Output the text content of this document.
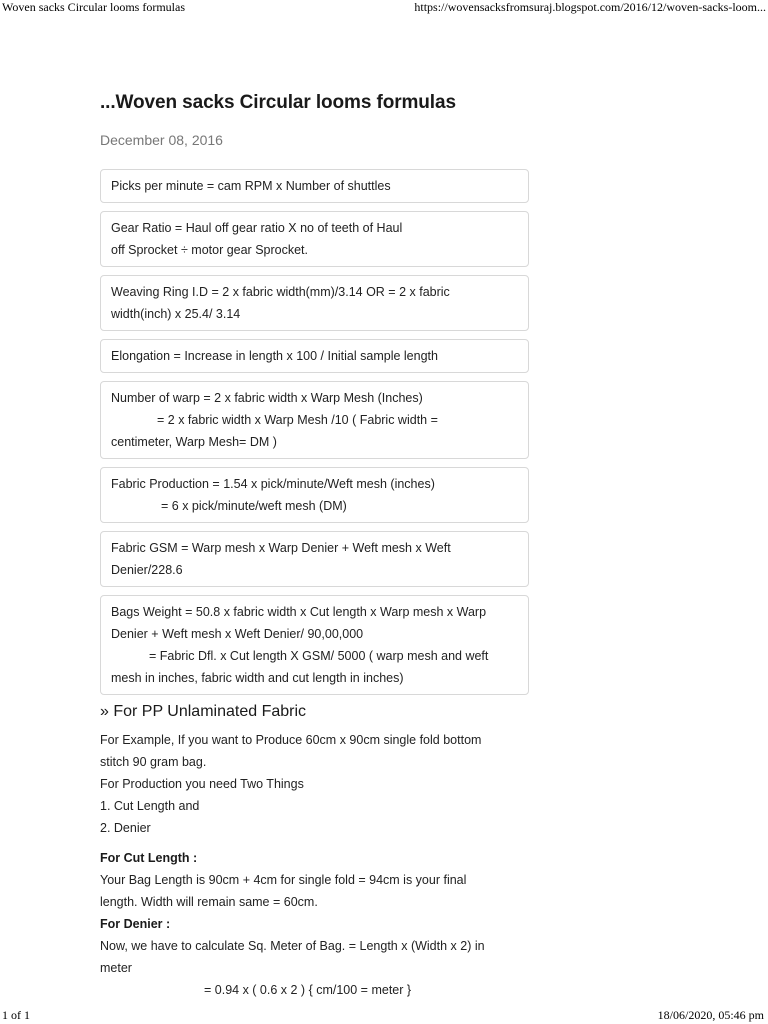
Woven sacks Circular looms formulas	https://wovensacksfromsuraj.blogspot.com/2016/12/woven-sacks-loom...
...Woven sacks Circular looms formulas
December 08, 2016
Picks per minute = cam RPM x Number of shuttles
Gear Ratio = Haul off gear ratio X no of teeth of Haul
off Sprocket ÷ motor gear Sprocket.
Weaving Ring I.D = 2 x fabric width(mm)/3.14 OR = 2 x fabric
width(inch) x 25.4/ 3.14
Elongation = Increase in length x 100 / Initial sample length
Number of warp = 2 x fabric width x Warp Mesh (Inches)
= 2 x fabric width x Warp Mesh /10 ( Fabric width =
centimeter, Warp Mesh= DM )
Fabric Production = 1.54 x pick/minute/Weft mesh (inches)
= 6 x pick/minute/weft mesh (DM)
Fabric GSM = Warp mesh x Warp Denier + Weft mesh x Weft
Denier/228.6
Bags Weight = 50.8 x fabric width x Cut length x Warp mesh x Warp
Denier + Weft mesh x Weft Denier/ 90,00,000
= Fabric Dfl. x Cut length X GSM/ 5000 ( warp mesh and weft
mesh in inches, fabric width and cut length in inches)
» For PP Unlaminated Fabric
For Example, If you want to Produce 60cm x 90cm single fold bottom
stitch 90 gram bag.
For Production you need Two Things
1. Cut Length and
2. Denier
For Cut Length :
Your Bag Length is 90cm + 4cm for single fold = 94cm is your final
length. Width will remain same = 60cm.
For Denier :
Now, we have to calculate Sq. Meter of Bag. = Length x (Width x 2) in
meter
= 0.94 x ( 0.6 x 2 ) { cm/100 = meter }
1 of 1	18/06/2020, 05:46 pm
